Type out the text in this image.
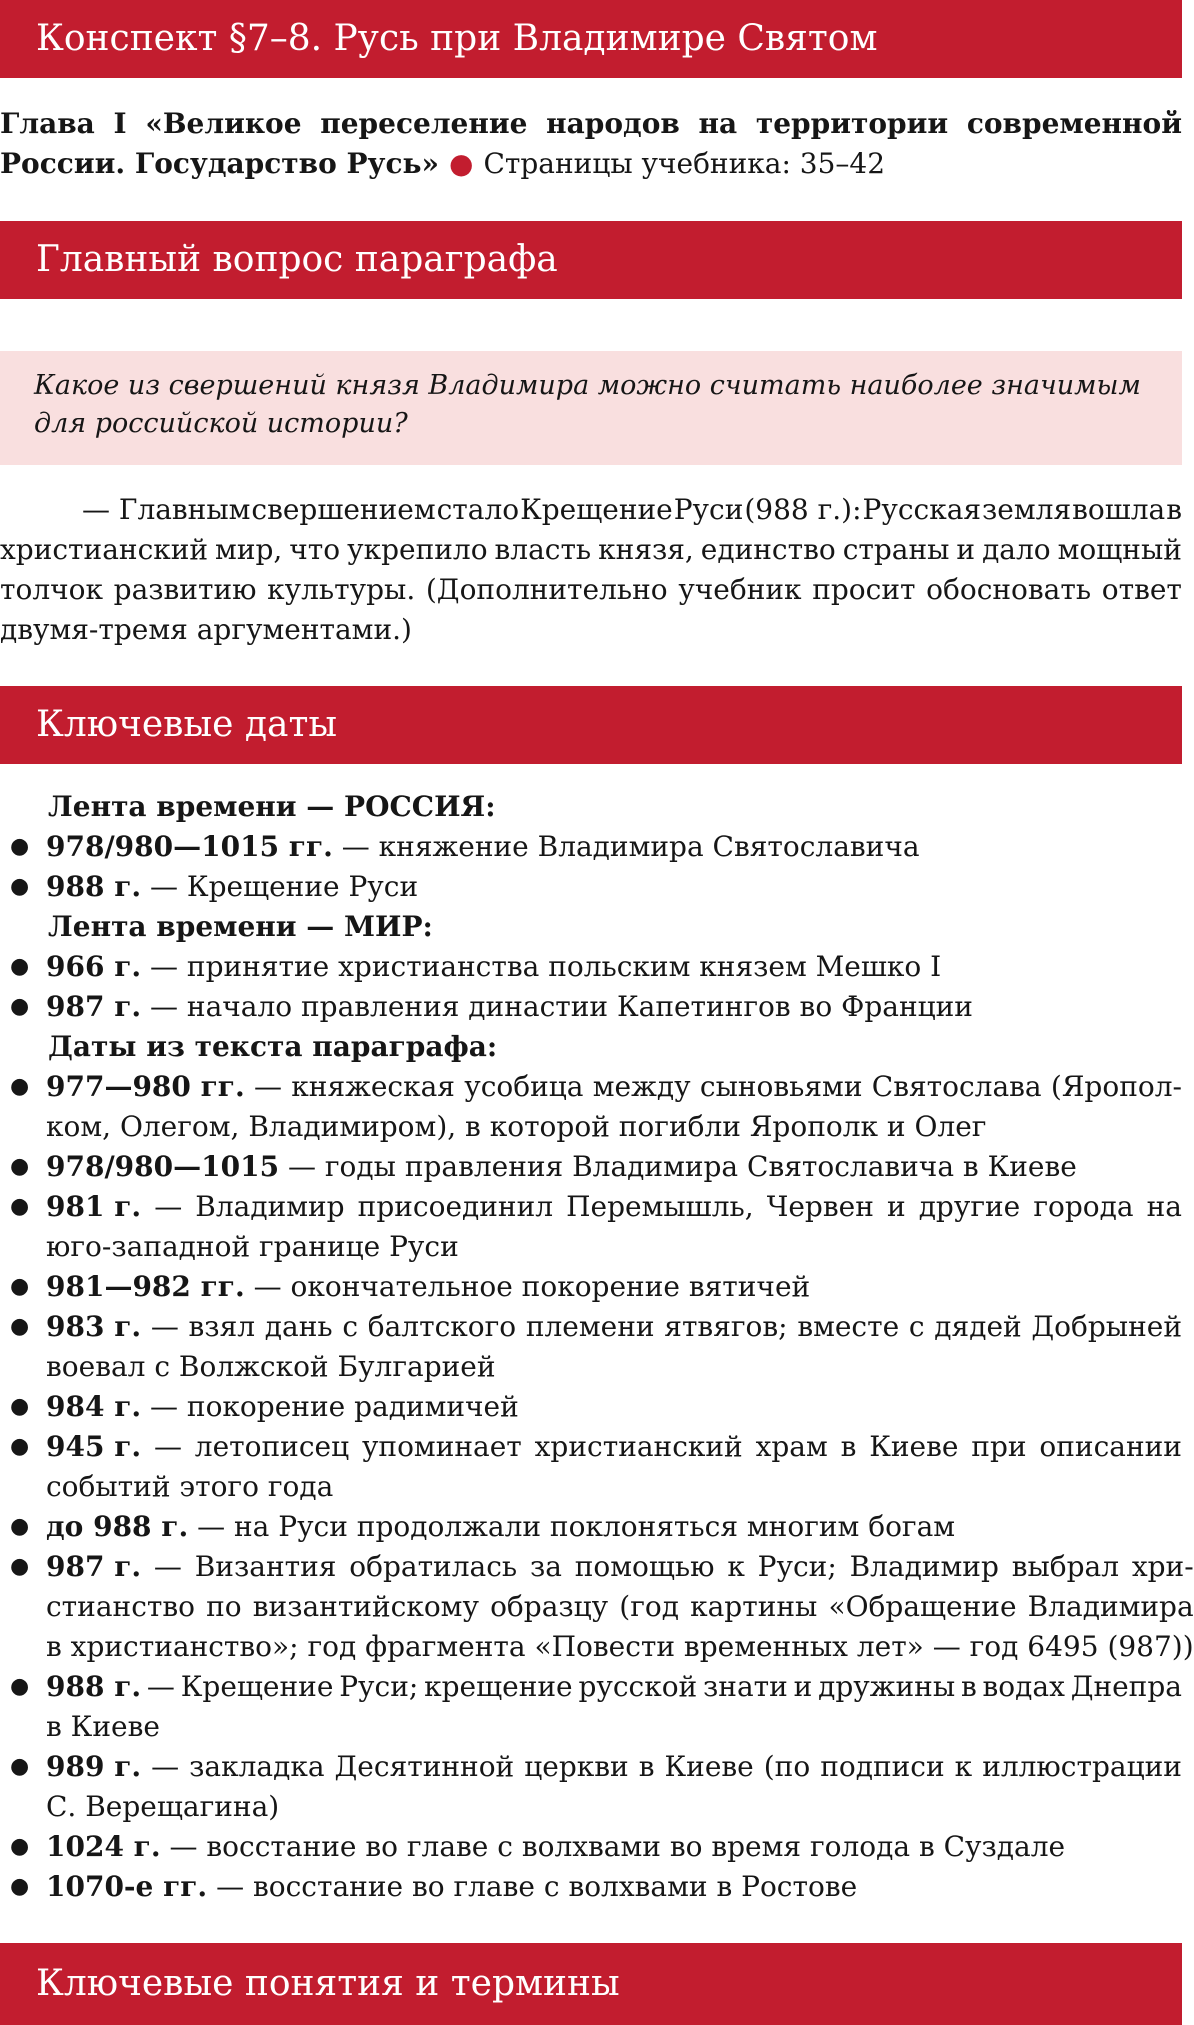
Конспект §7–8. Русь при Владимире Святом
Глава I «Великое переселение народов на территории современной
России. Государство Русь» ● Страницы учебника: 35–42
Главный вопрос параграфа
Какое из свершений князя Владимира можно считать наиболее значимым
для российской истории?
— Главным свершением стало Крещение Руси (988 г.): Русская земля вошла в
христианский мир, что укрепило власть князя, единство страны и дало мощный
толчок развитию культуры. (Дополнительно учебник просит обосновать ответ
двумя-тремя аргументами.)
Ключевые даты
Лента времени — РОССИЯ:
● 978/980—1015 гг. — княжение Владимира Святославича
● 988 г. — Крещение Руси
Лента времени — МИР:
● 966 г. — принятие христианства польским князем Мешко I
● 987 г. — начало правления династии Капетингов во Франции
Даты из текста параграфа:
● 977—980 гг. — княжеская усобица между сыновьями Святослава (Яропол-
ком, Олегом, Владимиром), в которой погибли Ярополк и Олег
● 978/980—1015 — годы правления Владимира Святославича в Киеве
● 981 г. — Владимир присоединил Перемышль, Червен и другие города на
юго-западной границе Руси
● 981—982 гг. — окончательное покорение вятичей
● 983 г. — взял дань с балтского племени ятвягов; вместе с дядей Добрыней
воевал с Волжской Булгарией
● 984 г. — покорение радимичей
● 945 г. — летописец упоминает христианский храм в Киеве при описании
событий этого года
● до 988 г. — на Руси продолжали поклоняться многим богам
● 987 г. — Византия обратилась за помощью к Руси; Владимир выбрал хри-
стианство по византийскому образцу (год картины «Обращение Владимира
в христианство»; год фрагмента «Повести временных лет» — год 6495 (987))
● 988 г. — Крещение Руси; крещение русской знати и дружины в водах Днепра
в Киеве
● 989 г. — закладка Десятинной церкви в Киеве (по подписи к иллюстрации
С. Верещагина)
● 1024 г. — восстание во главе с волхвами во время голода в Суздале
● 1070-е гг. — восстание во главе с волхвами в Ростове
Ключевые понятия и термины
